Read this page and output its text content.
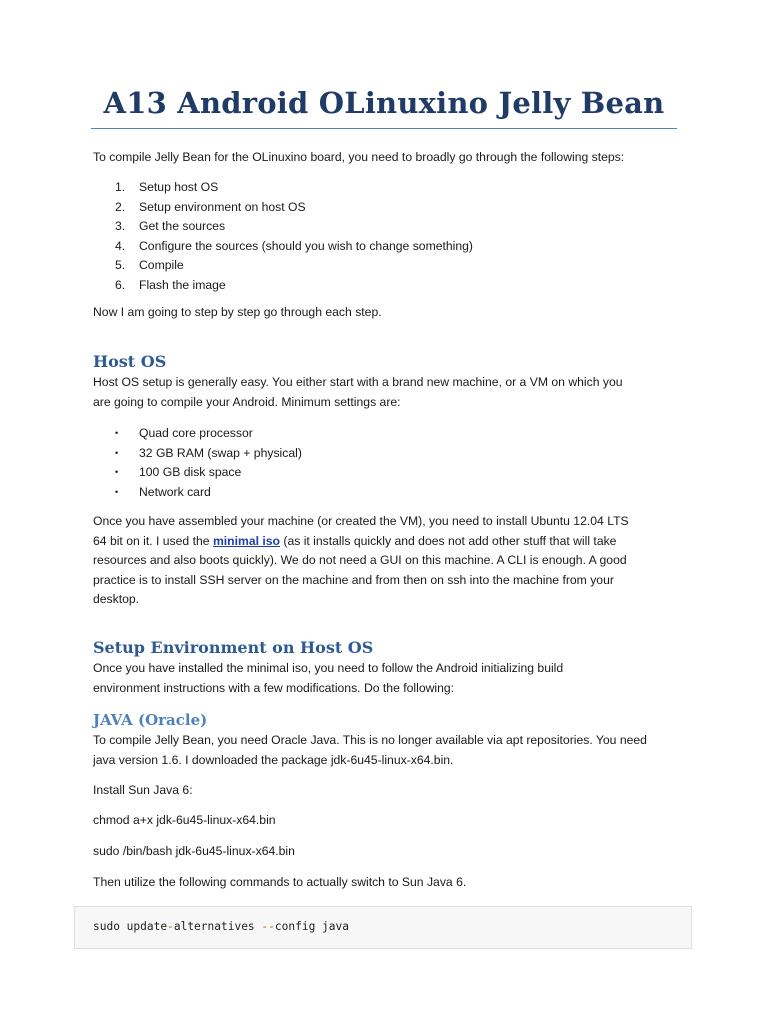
A13 Android OLinuxino Jelly Bean

To compile Jelly Bean for the OLinuxino board, you need to broadly go through the following steps:

1.	Setup host OS
2.	Setup environment on host OS
3.	Get the sources
4.	Configure the sources (should you wish to change something)
5.	Compile
6.	Flash the image

Now I am going to step by step go through each step.

Host OS

Host OS setup is generally easy. You either start with a brand new machine, or a VM on which you
are going to compile your Android. Minimum settings are:

•	Quad core processor
•	32 GB RAM (swap + physical)
•	100 GB disk space
•	Network card

Once you have assembled your machine (or created the VM), you need to install Ubuntu 12.04 LTS
64 bit on it. I used the minimal iso (as it installs quickly and does not add other stuff that will take
resources and also boots quickly). We do not need a GUI on this machine. A CLI is enough. A good
practice is to install SSH server on the machine and from then on ssh into the machine from your
desktop.

Setup Environment on Host OS

Once you have installed the minimal iso, you need to follow the Android initializing build
environment instructions with a few modifications. Do the following:

JAVA (Oracle)

To compile Jelly Bean, you need Oracle Java. This is no longer available via apt repositories. You need
java version 1.6. I downloaded the package jdk-6u45-linux-x64.bin.

Install Sun Java 6:

chmod a+x jdk-6u45-linux-x64.bin

sudo /bin/bash jdk-6u45-linux-x64.bin

Then utilize the following commands to actually switch to Sun Java 6.

sudo update-alternatives --config java
